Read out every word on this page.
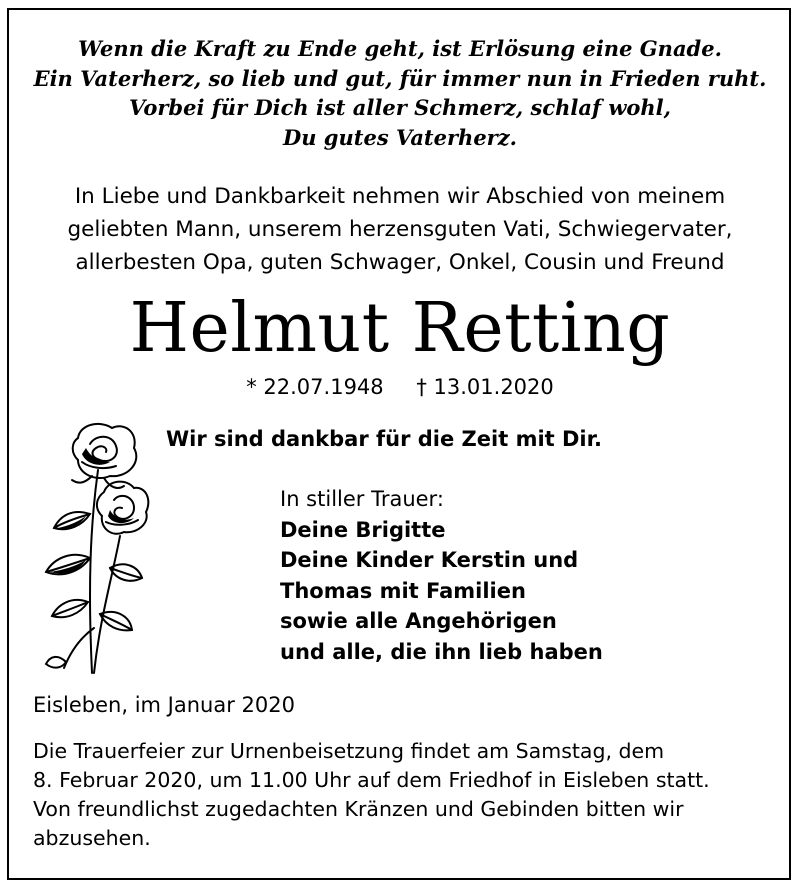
Wenn die Kraft zu Ende geht, ist Erlösung eine Gnade.
Ein Vaterherz, so lieb und gut, für immer nun in Frieden ruht.
Vorbei für Dich ist aller Schmerz, schlaf wohl,
Du gutes Vaterherz.
In Liebe und Dankbarkeit nehmen wir Abschied von meinem
geliebten Mann, unserem herzensguten Vati, Schwiegervater,
allerbesten Opa, guten Schwager, Onkel, Cousin und Freund
Helmut Retting
* 22.07.1948 † 13.01.2020
Wir sind dankbar für die Zeit mit Dir.
In stiller Trauer:
Deine Brigitte
Deine Kinder Kerstin und
Thomas mit Familien
sowie alle Angehörigen
und alle, die ihn lieb haben
Eisleben, im Januar 2020
Die Trauerfeier zur Urnenbeisetzung findet am Samstag, dem
8. Februar 2020, um 11.00 Uhr auf dem Friedhof in Eisleben statt.
Von freundlichst zugedachten Kränzen und Gebinden bitten wir
abzusehen.
